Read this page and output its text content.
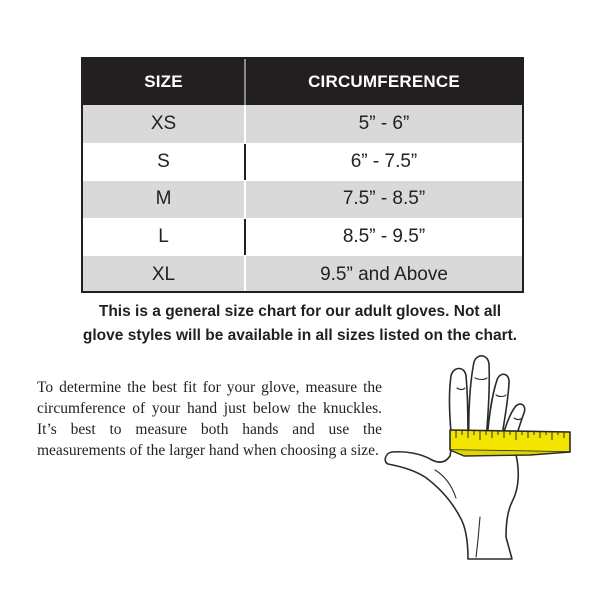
SIZE	CIRCUMFERENCE
XS	5” - 6”
S	6” - 7.5”
M	7.5” - 8.5”
L	8.5” - 9.5”
XL	9.5” and Above
This is a general size chart for our adult gloves. Not all
glove styles will be available in all sizes listed on the chart.
To determine the best fit for your glove, measure the circumference of your hand just below the knuckles. It’s best to measure both hands and use the measurements of the larger hand when choosing a size.
